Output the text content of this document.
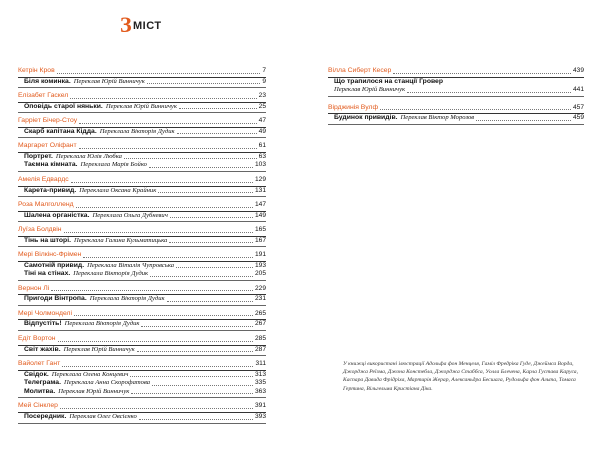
З МІСТ
Кетрін Кров	7
Біля коминка. Переклав Юрій Винничук	9
Елізабет Гаскел	23
Оповідь старої няньки. Переклав Юрій Винничук	25
Гарріет Бічер-Стоу	47
Скарб капітана Кідда. Переклала Вікторія Дудик	49
Маргарет Оліфант	61
Портрет. Переклала Юлія Любка	63
Таємна кімната. Переклала Марія Бойко	103
Амелія Едвардс	129
Карета-привид. Переклала Оксана Крайник	131
Роза Малголленд	147
Шалена органістка. Переклала Ольга Дубневич	149
Луїза Болдвін	165
Тінь на шторі. Переклала Галина Кульматицька	167
Мері Вілкінс-Фрімен	191
Самотній привид. Переклала Віталія Чупровська	193
Тіні на стінах. Переклала Вікторія Дудик	205
Вернон Лі	229
Пригоди Вінтропа. Переклала Вікторія Дудик	231
Мері Чолмонделі	265
Відпустіть! Переклала Вікторія Дудик	267
Едіт Вортон	285
Світ жахів. Переклав Юрій Винничук	287
Вайолет Гант	311
Свідок. Переклала Олена Концевич	313
Телеграма. Переклала Анна Скорофатова	335
Молитва. Переклав Юрій Винничук	363
Мей Сінклер	391
Посередник. Переклав Олег Овсієнко	393
Вілла Сиберт Кесер	439
Що трапилося на станції Гровер
Переклав Юрій Винничук	441
Вірджинія Вулф	457
Будинок привидів. Переклав Віктор Морозов	459
У книжці використані ілюстрації Адольфа фон Менцеля, Гаміл Фредріка Гуде, Джеймса Ворда, Джорджа Реїзма, Джона Констебла, Джорджа Стаббса, Уолла Блечена, Карла Густава Каруса, Каспара Давида Фрідріха, Мартирія Жерар, Алексаньдра Бесшага, Рудольфа фон Альта, Томаса Гертина, Вільгельма Кристіана Діка.
